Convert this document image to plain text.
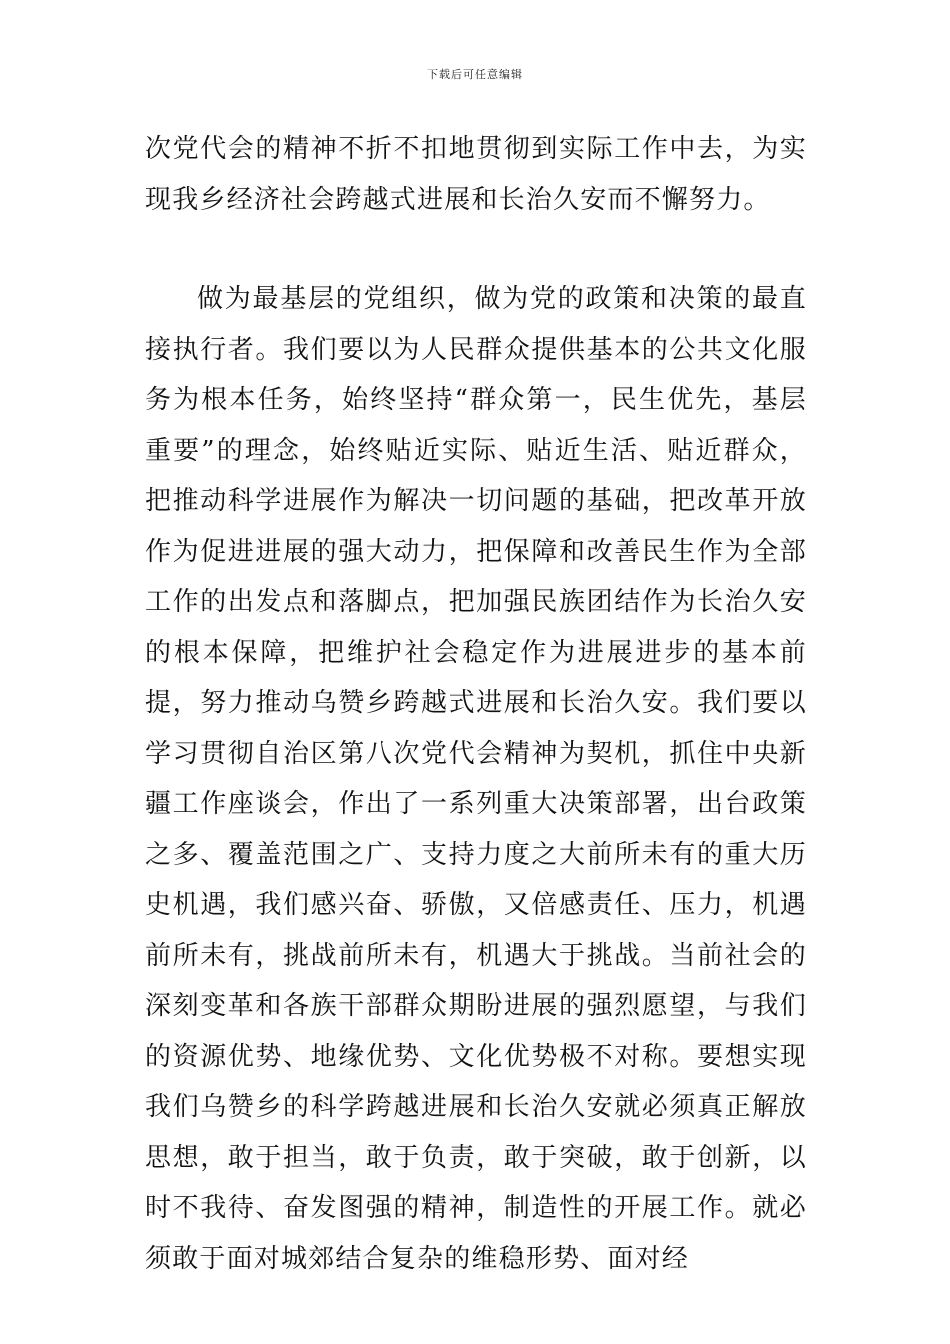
下载后可任意编辑

次党代会的精神不折不扣地贯彻到实际工作中去，为实现我乡经济社会跨越式进展和长治久安而不懈努力。

做为最基层的党组织，做为党的政策和决策的最直接执行者。我们要以为人民群众提供基本的公共文化服务为根本任务，始终坚持“群众第一，民生优先，基层重要”的理念，始终贴近实际、贴近生活、贴近群众，把推动科学进展作为解决一切问题的基础，把改革开放作为促进进展的强大动力，把保障和改善民生作为全部工作的出发点和落脚点，把加强民族团结作为长治久安的根本保障，把维护社会稳定作为进展进步的基本前提，努力推动乌赞乡跨越式进展和长治久安。我们要以学习贯彻自治区第八次党代会精神为契机，抓住中央新疆工作座谈会，作出了一系列重大决策部署，出台政策之多、覆盖范围之广、支持力度之大前所未有的重大历史机遇，我们感兴奋、骄傲，又倍感责任、压力，机遇前所未有，挑战前所未有，机遇大于挑战。当前社会的深刻变革和各族干部群众期盼进展的强烈愿望，与我们的资源优势、地缘优势、文化优势极不对称。要想实现我们乌赞乡的科学跨越进展和长治久安就必须真正解放思想，敢于担当，敢于负责，敢于突破，敢于创新，以时不我待、奋发图强的精神，制造性的开展工作。就必须敢于面对城郊结合复杂的维稳形势、面对经
